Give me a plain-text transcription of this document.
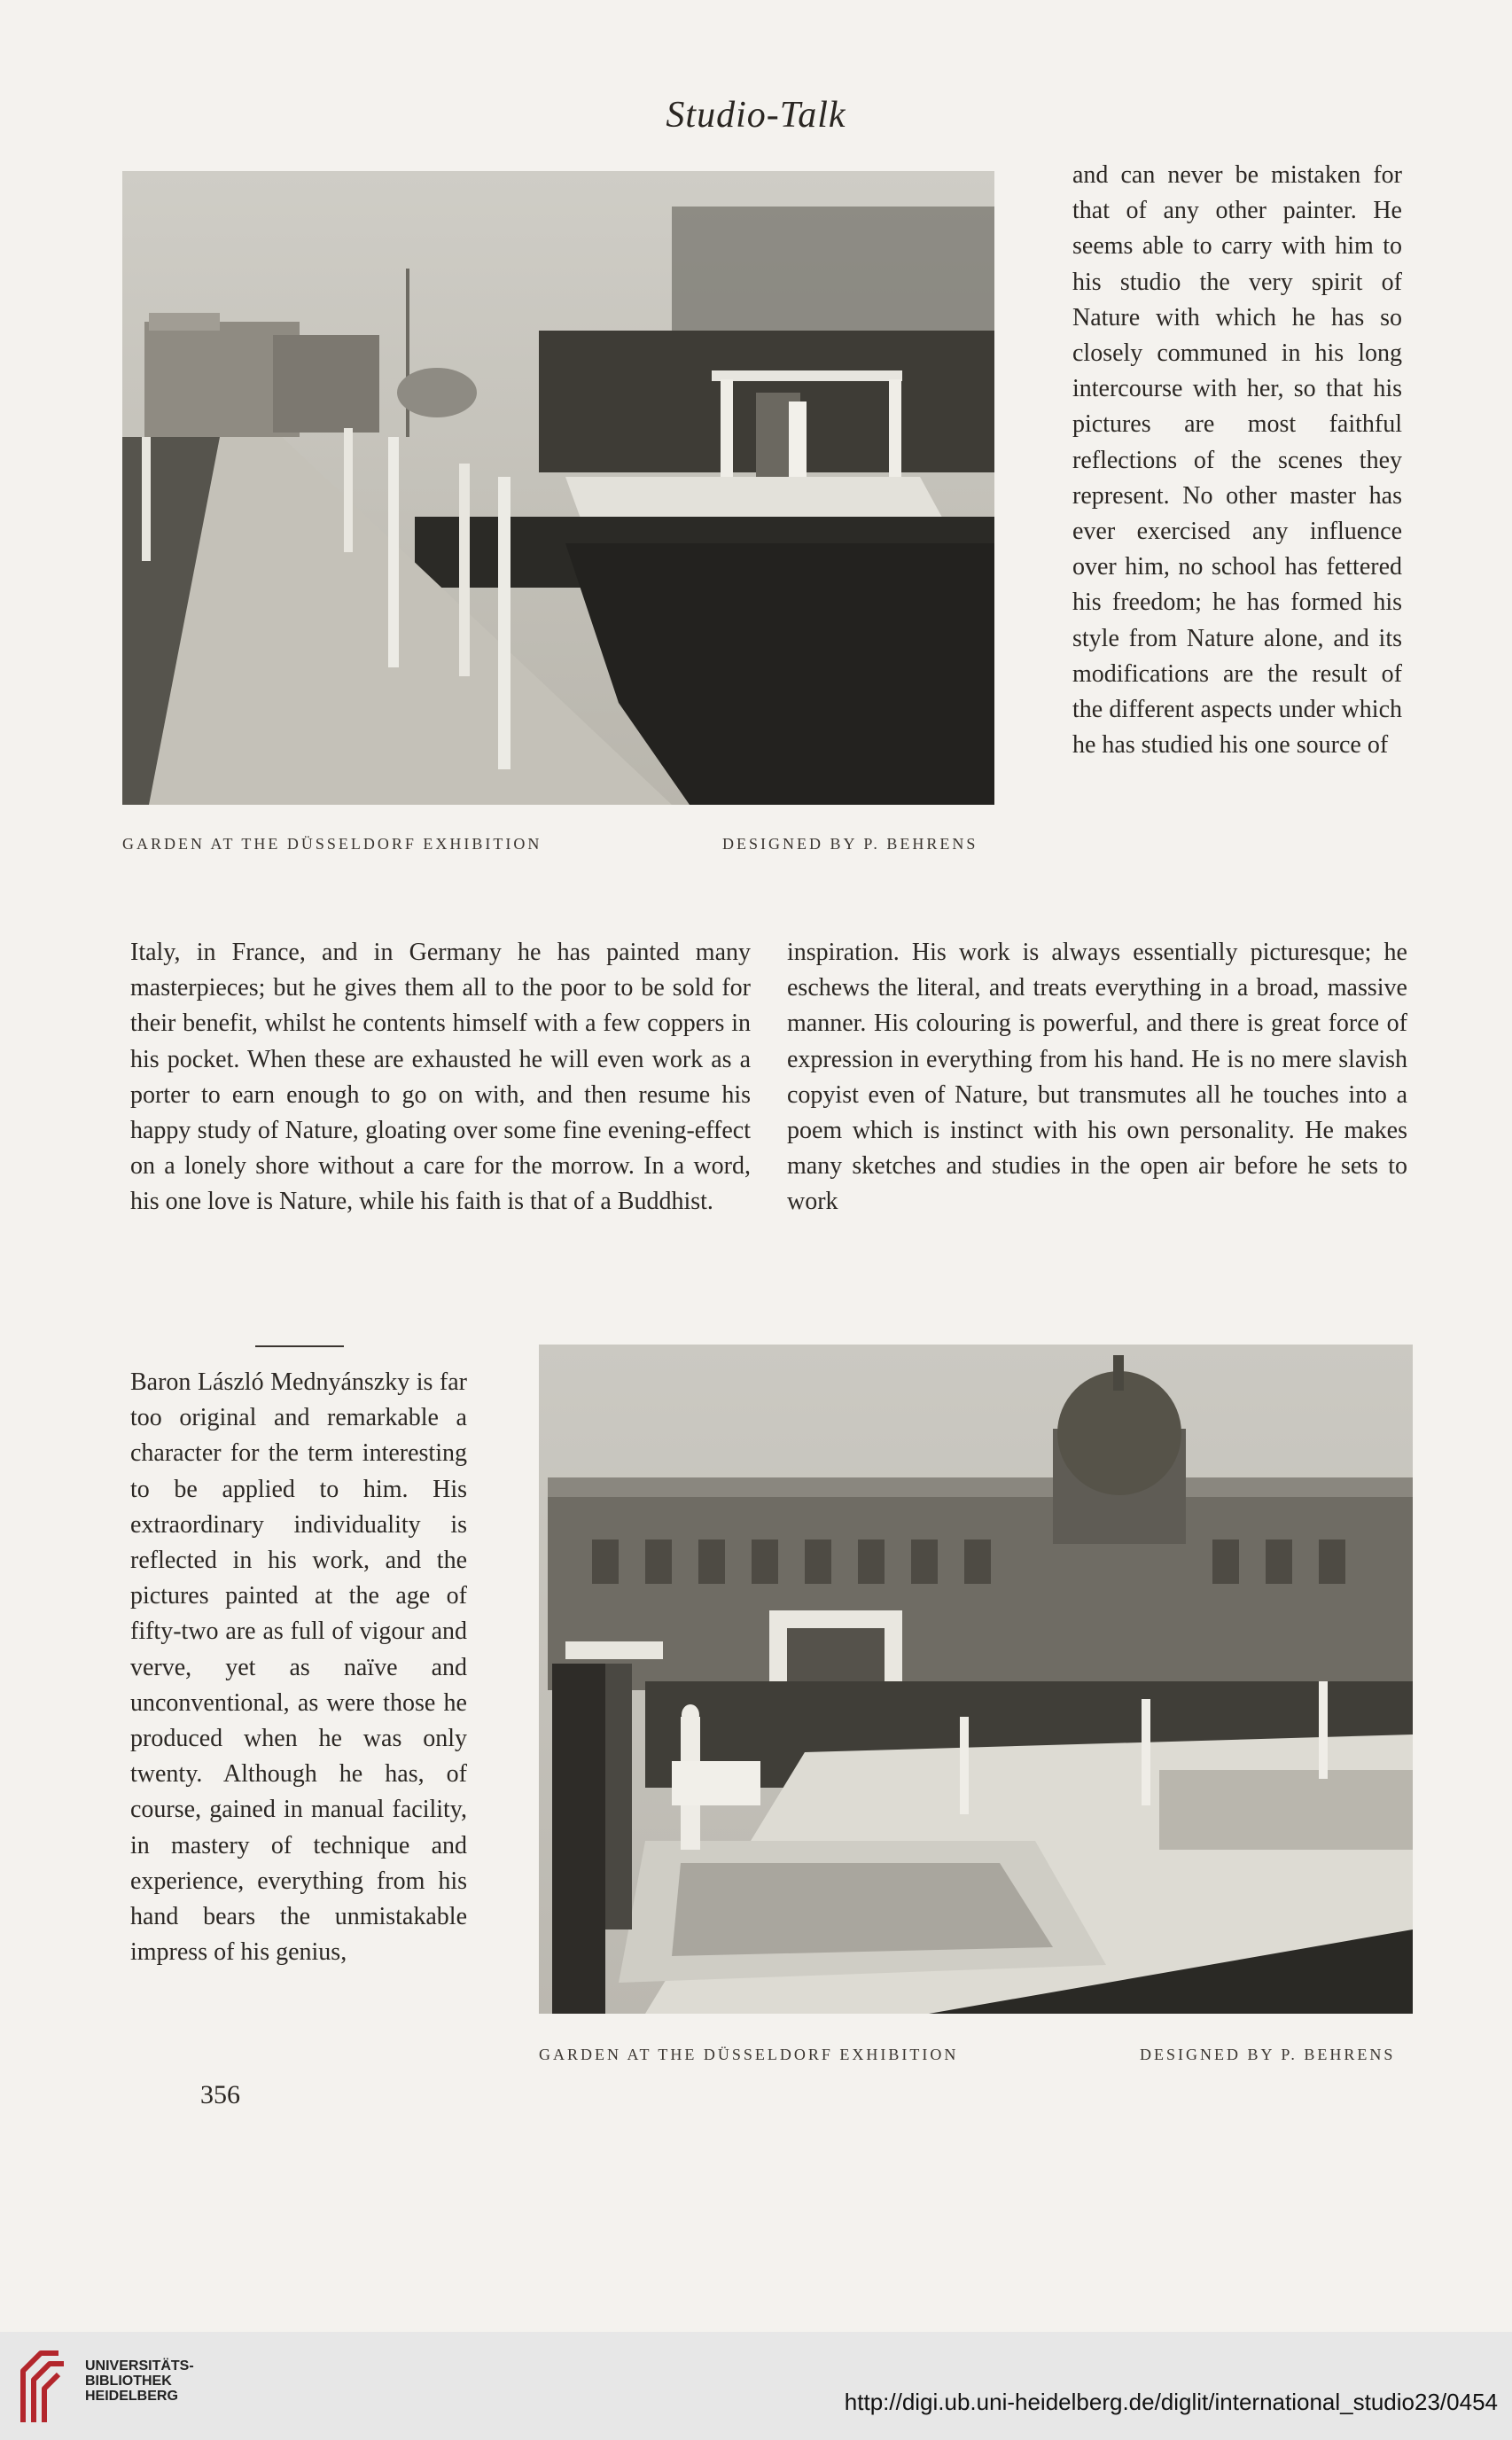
Studio-Talk
GARDEN AT THE DÜSSELDORF EXHIBITION	DESIGNED BY P. BEHRENS

and can never be mistaken for that of any other painter. He seems able to carry with him to his studio the very spirit of Nature with which he has so closely communed in his long intercourse with her, so that his pictures are most faithful reflections of the scenes they represent. No other master has ever exercised any influence over him, no school has fettered his freedom; he has formed his style from Nature alone, and its modifications are the result of the different aspects under which he has studied his one source of

Italy, in France, and in Germany he has painted many masterpieces; but he gives them all to the poor to be sold for their benefit, whilst he contents himself with a few coppers in his pocket. When these are exhausted he will even work as a porter to earn enough to go on with, and then resume his happy study of Nature, gloating over some fine evening-effect on a lonely shore without a care for the morrow. In a word, his one love is Nature, while his faith is that of a Buddhist.

inspiration. His work is always essentially picturesque; he eschews the literal, and treats everything in a broad, massive manner. His colouring is powerful, and there is great force of expression in everything from his hand. He is no mere slavish copyist even of Nature, but transmutes all he touches into a poem which is instinct with his own personality. He makes many sketches and studies in the open air before he sets to work

Baron László Mednyánszky is far too original and remarkable a character for the term interesting to be applied to him. His extraordinary individuality is reflected in his work, and the pictures painted at the age of fifty-two are as full of vigour and verve, yet as naïve and unconventional, as were those he produced when he was only twenty. Although he has, of course, gained in manual facility, in mastery of technique and experience, everything from his hand bears the unmistakable impress of his genius,

GARDEN AT THE DÜSSELDORF EXHIBITION	DESIGNED BY P. BEHRENS
356
UNIVERSITÄTS-
BIBLIOTHEK
HEIDELBERG	http://digi.ub.uni-heidelberg.de/diglit/international_studio23/0454
